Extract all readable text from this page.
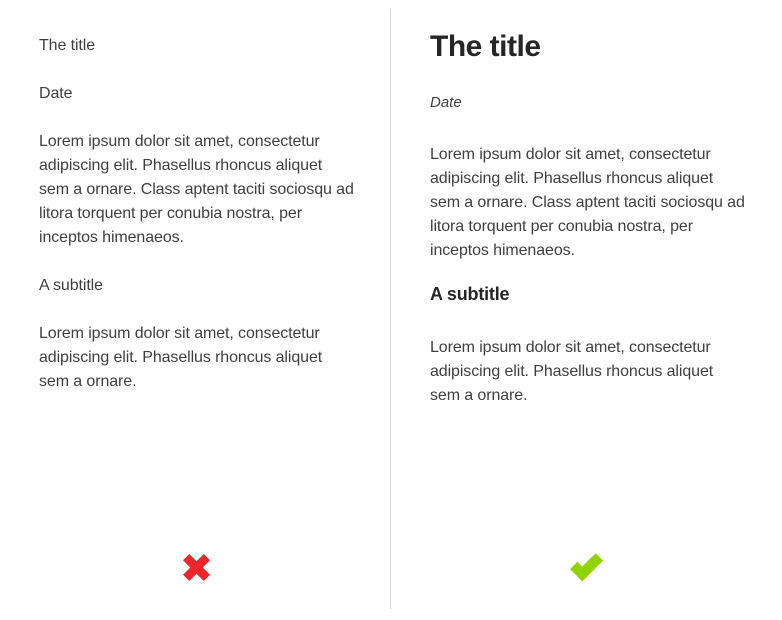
The title
Date

Lorem ipsum dolor sit amet, consectetur
adipiscing elit. Phasellus rhoncus aliquet
sem a ornare. Class aptent taciti sociosqu ad
litora torquent per conubia nostra, per
inceptos himenaeos.

A subtitle

Lorem ipsum dolor sit amet, consectetur
adipiscing elit. Phasellus rhoncus aliquet
sem a ornare.

The title
Date

Lorem ipsum dolor sit amet, consectetur
adipiscing elit. Phasellus rhoncus aliquet
sem a ornare. Class aptent taciti sociosqu ad
litora torquent per conubia nostra, per
inceptos himenaeos.

A subtitle

Lorem ipsum dolor sit amet, consectetur
adipiscing elit. Phasellus rhoncus aliquet
sem a ornare.
